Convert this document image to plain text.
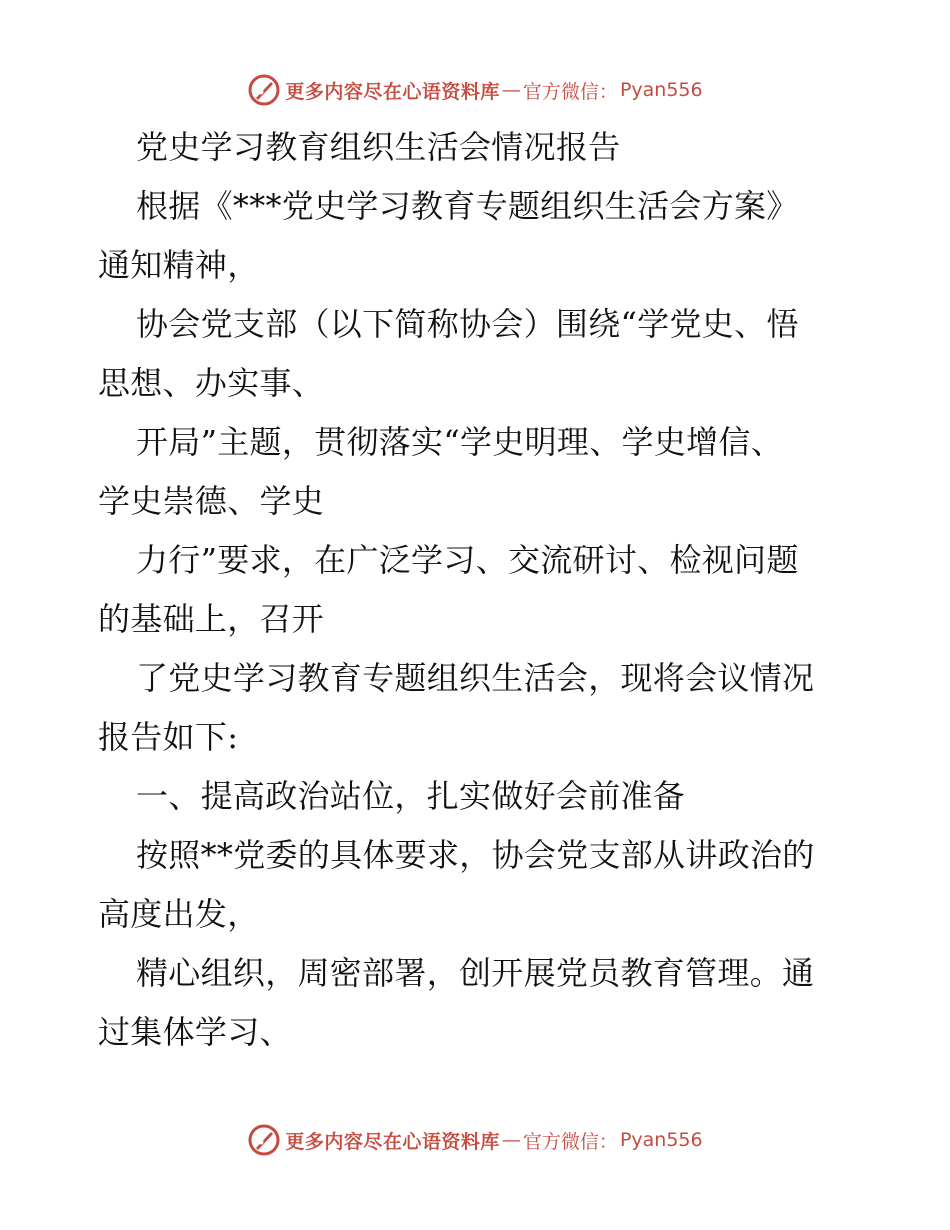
更多内容尽在心语资料库 — 官方微信： Pyan556

党史学习教育组织生活会情况报告

根据《***党史学习教育专题组织生活会方案》
通知精神，

协会党支部（以下简称协会）围绕“学党史、悟
思想、办实事、

开局”主题，贯彻落实“学史明理、学史增信、
学史崇德、学史

力行”要求，在广泛学习、交流研讨、检视问题
的基础上，召开

了党史学习教育专题组织生活会，现将会议情况
报告如下:

一、提高政治站位，扎实做好会前准备

按照**党委的具体要求，协会党支部从讲政治的
高度出发，

精心组织，周密部署，创开展党员教育管理。通
过集体学习、

更多内容尽在心语资料库 — 官方微信： Pyan556
